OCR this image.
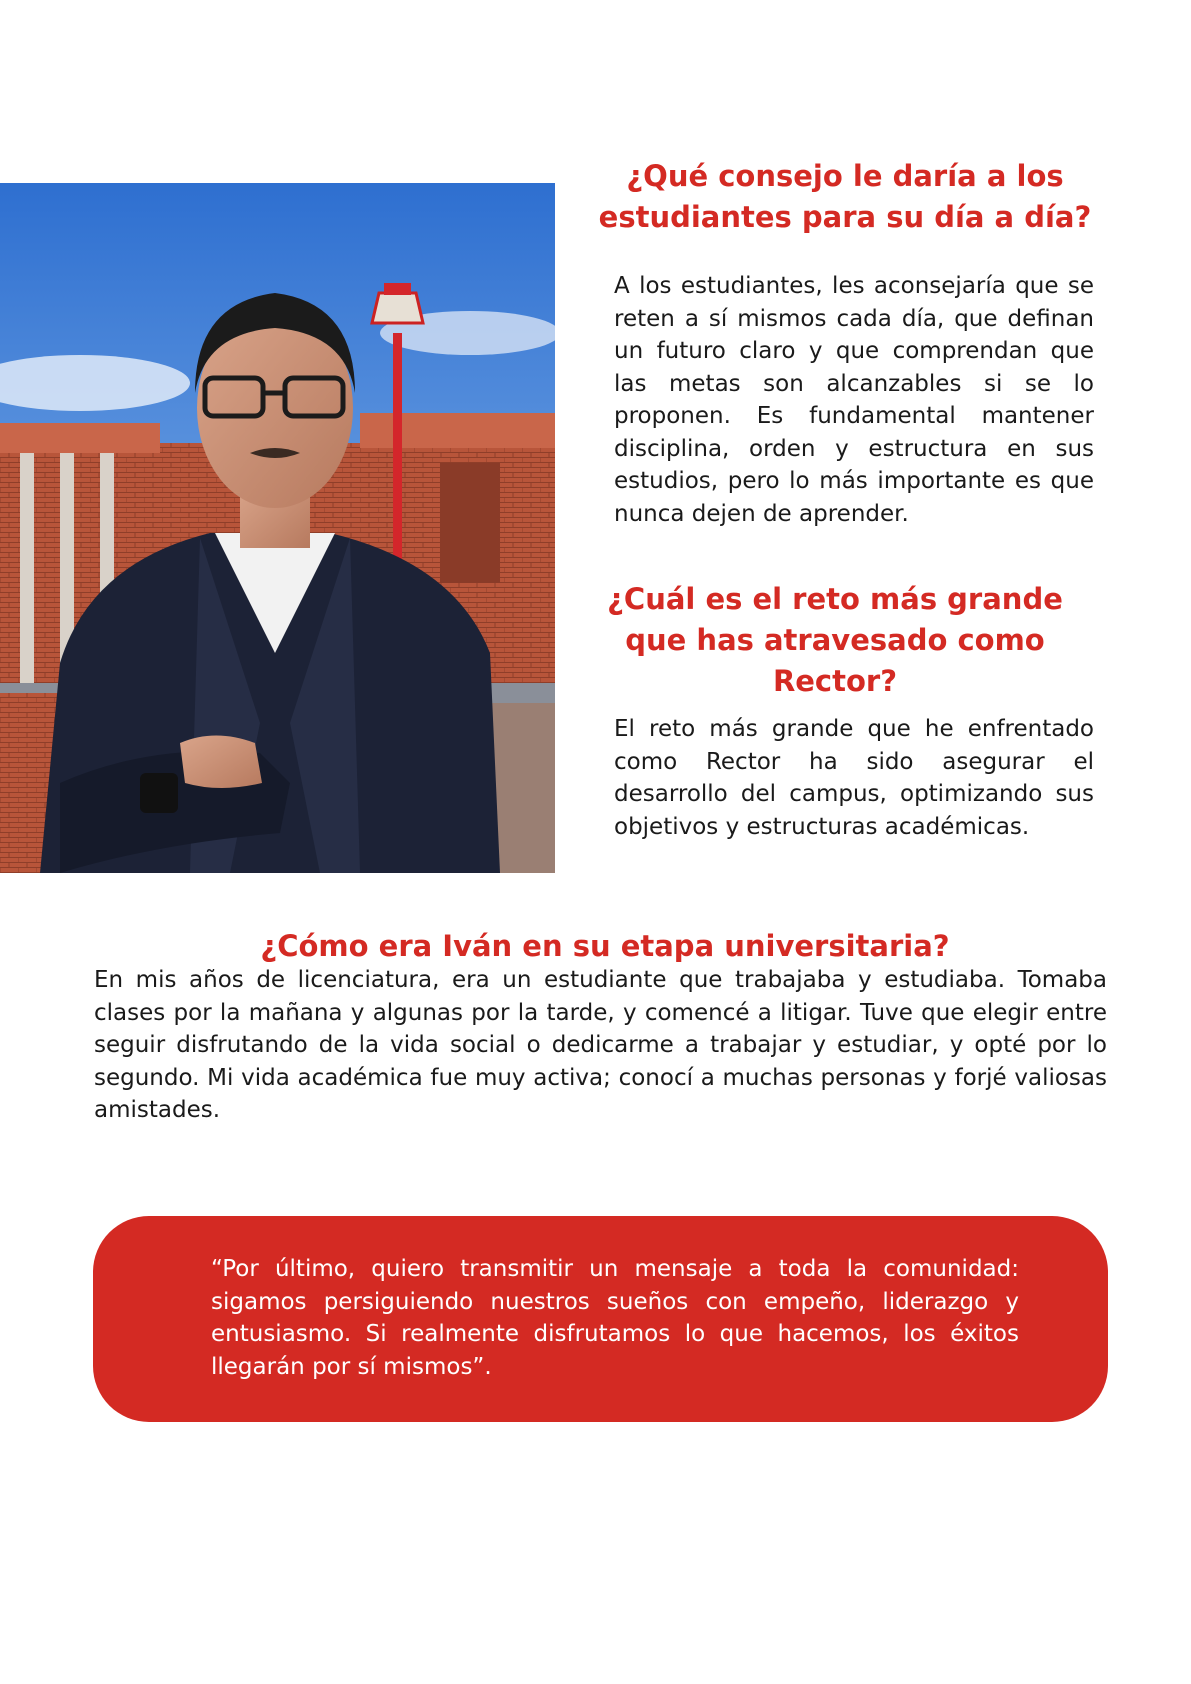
¿Qué consejo le daría a los estudiantes para su día a día?

A los estudiantes, les aconsejaría que se reten a sí mismos cada día, que definan un futuro claro y que comprendan que las metas son alcanzables si se lo proponen. Es fundamental mantener disciplina, orden y estructura en sus estudios, pero lo más importante es que nunca dejen de aprender.

¿Cuál es el reto más grande que has atravesado como Rector?

El reto más grande que he enfrentado como Rector ha sido asegurar el desarrollo del campus, optimizando sus objetivos y estructuras académicas.

¿Cómo era Iván en su etapa universitaria?

En mis años de licenciatura, era un estudiante que trabajaba y estudiaba. Tomaba clases por la mañana y algunas por la tarde, y comencé a litigar. Tuve que elegir entre seguir disfrutando de la vida social o dedicarme a trabajar y estudiar, y opté por lo segundo. Mi vida académica fue muy activa; conocí a muchas personas y forjé valiosas amistades.

“Por último, quiero transmitir un mensaje a toda la comunidad: sigamos persiguiendo nuestros sueños con empeño, liderazgo y entusiasmo. Si realmente disfrutamos lo que hacemos, los éxitos llegarán por sí mismos”.
